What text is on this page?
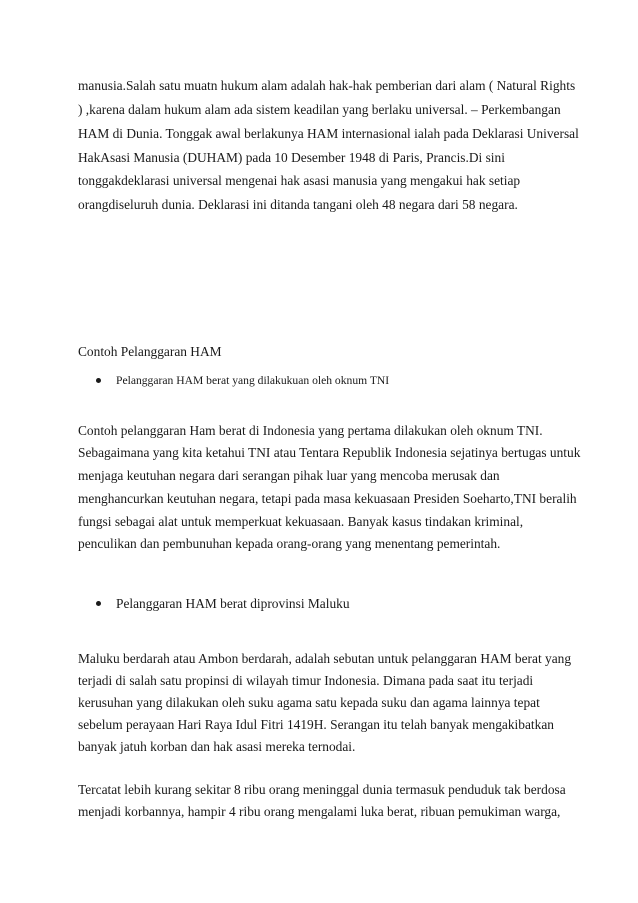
manusia.Salah satu muatn hukum alam adalah hak-hak pemberian dari alam ( Natural Rights
) ,karena dalam hukum alam ada sistem keadilan yang berlaku universal. – Perkembangan
HAM di Dunia. Tonggak awal berlakunya HAM internasional ialah pada Deklarasi Universal
HakAsasi Manusia (DUHAM) pada 10 Desember 1948 di Paris, Prancis.Di sini
tonggakdeklarasi universal mengenai hak asasi manusia yang mengakui hak setiap
orangdiseluruh dunia. Deklarasi ini ditanda tangani oleh 48 negara dari 58 negara.
Contoh Pelanggaran HAM
Pelanggaran HAM berat yang dilakukuan oleh oknum TNI
Contoh pelanggaran Ham berat di Indonesia yang pertama dilakukan oleh oknum TNI.
Sebagaimana yang kita ketahui TNI atau Tentara Republik Indonesia sejatinya bertugas untuk
menjaga keutuhan negara dari serangan pihak luar yang mencoba merusak dan
menghancurkan keutuhan negara, tetapi pada masa kekuasaan Presiden Soeharto,TNI beralih
fungsi sebagai alat untuk memperkuat kekuasaan. Banyak kasus tindakan kriminal,
penculikan dan pembunuhan kepada orang-orang yang menentang pemerintah.
Pelanggaran HAM berat diprovinsi Maluku
Maluku berdarah atau Ambon berdarah, adalah sebutan untuk pelanggaran HAM berat yang
terjadi di salah satu propinsi di wilayah timur Indonesia. Dimana pada saat itu terjadi
kerusuhan yang dilakukan oleh suku agama satu kepada suku dan agama lainnya tepat
sebelum perayaan Hari Raya Idul Fitri 1419H. Serangan itu telah banyak mengakibatkan
banyak jatuh korban dan hak asasi mereka ternodai.
Tercatat lebih kurang sekitar 8 ribu orang meninggal dunia termasuk penduduk tak berdosa
menjadi korbannya, hampir 4 ribu orang mengalami luka berat, ribuan pemukiman warga,
